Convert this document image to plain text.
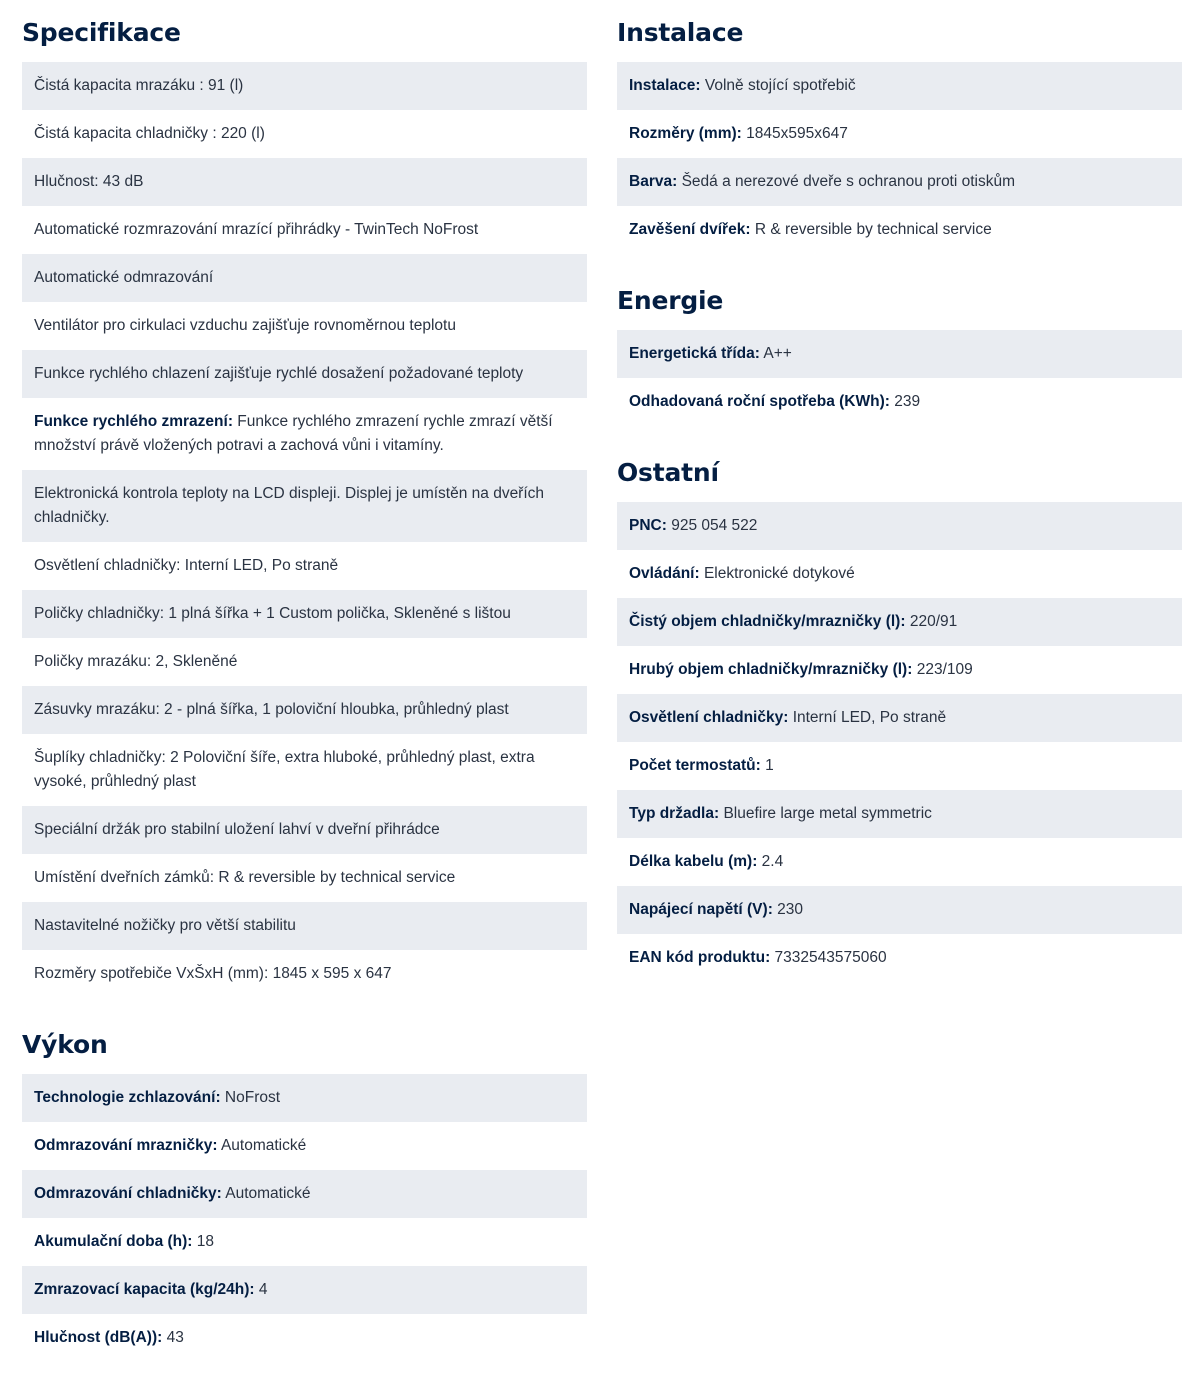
Specifikace
Čistá kapacita mrazáku : 91 (l)
Čistá kapacita chladničky : 220 (l)
Hlučnost: 43 dB
Automatické rozmrazování mrazící přihrádky - TwinTech NoFrost
Automatické odmrazování
Ventilátor pro cirkulaci vzduchu zajišťuje rovnoměrnou teplotu
Funkce rychlého chlazení zajišťuje rychlé dosažení požadované teploty
Funkce rychlého zmrazení : Funkce rychlého zmrazení rychle zmrazí větší množství právě vložených potravi a zachová vůni i vitamíny.
Elektronická kontrola teploty na LCD displeji. Displej je umístěn na dveřích chladničky.
Osvětlení chladničky: Interní LED, Po straně
Poličky chladničky: 1 plná šířka + 1 Custom polička, Skleněné s lištou
Poličky mrazáku: 2, Skleněné
Zásuvky mrazáku: 2 - plná šířka, 1 poloviční hloubka, průhledný plast
Šuplíky chladničky: 2 Poloviční šíře, extra hluboké, průhledný plast, extra vysoké, průhledný plast
Speciální držák pro stabilní uložení lahví v dveřní přihrádce
Umístění dveřních zámků: R & reversible by technical service
Nastavitelné nožičky pro větší stabilitu
Rozměry spotřebiče VxŠxH (mm): 1845 x 595 x 647
Výkon
Technologie zchlazování : NoFrost
Odmrazování mrazničky : Automatické
Odmrazování chladničky : Automatické
Akumulační doba (h) : 18
Zmrazovací kapacita (kg/24h) : 4
Hlučnost (dB(A)) : 43
Instalace
Instalace : Volně stojící spotřebič
Rozměry (mm) : 1845x595x647
Barva : Šedá a nerezové dveře s ochranou proti otiskům
Zavěšení dvířek : R & reversible by technical service
Energie
Energetická třída : A++
Odhadovaná roční spotřeba (KWh) : 239
Ostatní
PNC : 925 054 522
Ovládání : Elektronické dotykové
Čistý objem chladničky/mrazničky (l) : 220/91
Hrubý objem chladničky/mrazničky (l) : 223/109
Osvětlení chladničky : Interní LED, Po straně
Počet termostatů : 1
Typ držadla : Bluefire large metal symmetric
Délka kabelu (m) : 2.4
Napájecí napětí (V) : 230
EAN kód produktu : 7332543575060
